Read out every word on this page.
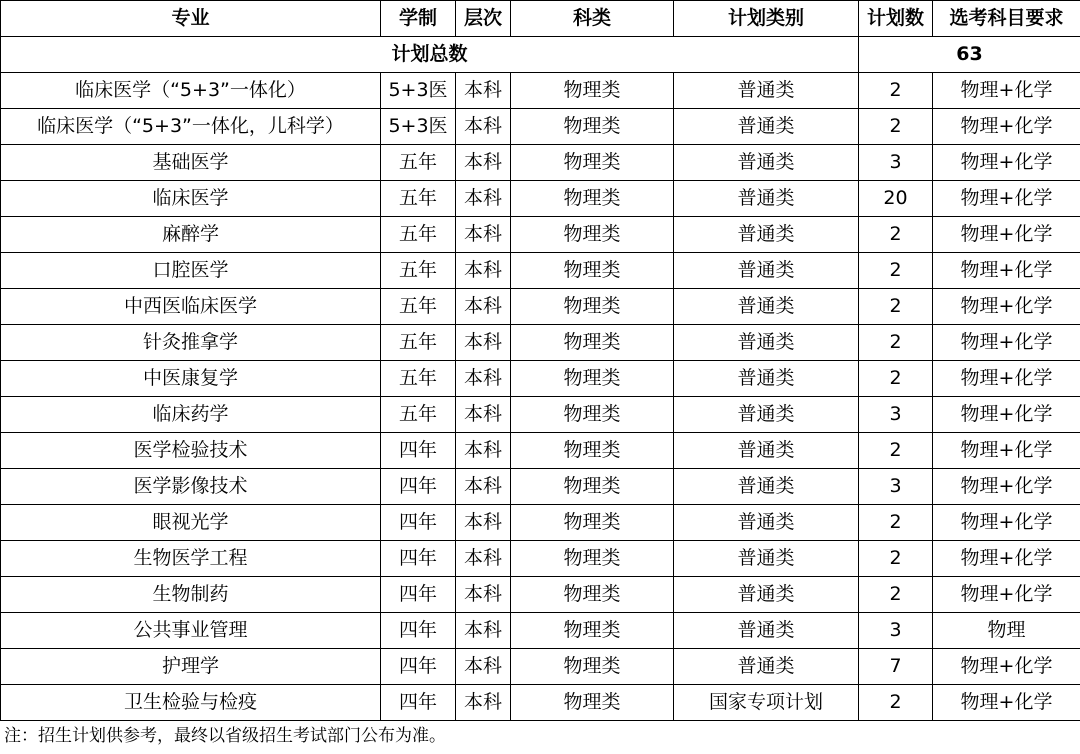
专业	学制	层次	科类	计划类别	计划数	选考科目要求
计划总数					63	
临床医学（“5+3”一体化）	5+3医	本科	物理类	普通类	2	物理+化学
临床医学（“5+3”一体化，儿科学）	5+3医	本科	物理类	普通类	2	物理+化学
基础医学	五年	本科	物理类	普通类	3	物理+化学
临床医学	五年	本科	物理类	普通类	20	物理+化学
麻醉学	五年	本科	物理类	普通类	2	物理+化学
口腔医学	五年	本科	物理类	普通类	2	物理+化学
中西医临床医学	五年	本科	物理类	普通类	2	物理+化学
针灸推拿学	五年	本科	物理类	普通类	2	物理+化学
中医康复学	五年	本科	物理类	普通类	2	物理+化学
临床药学	五年	本科	物理类	普通类	3	物理+化学
医学检验技术	四年	本科	物理类	普通类	2	物理+化学
医学影像技术	四年	本科	物理类	普通类	3	物理+化学
眼视光学	四年	本科	物理类	普通类	2	物理+化学
生物医学工程	四年	本科	物理类	普通类	2	物理+化学
生物制药	四年	本科	物理类	普通类	2	物理+化学
公共事业管理	四年	本科	物理类	普通类	3	物理
护理学	四年	本科	物理类	普通类	7	物理+化学
卫生检验与检疫	四年	本科	物理类	国家专项计划	2	物理+化学
注：招生计划供参考，最终以省级招生考试部门公布为准。
